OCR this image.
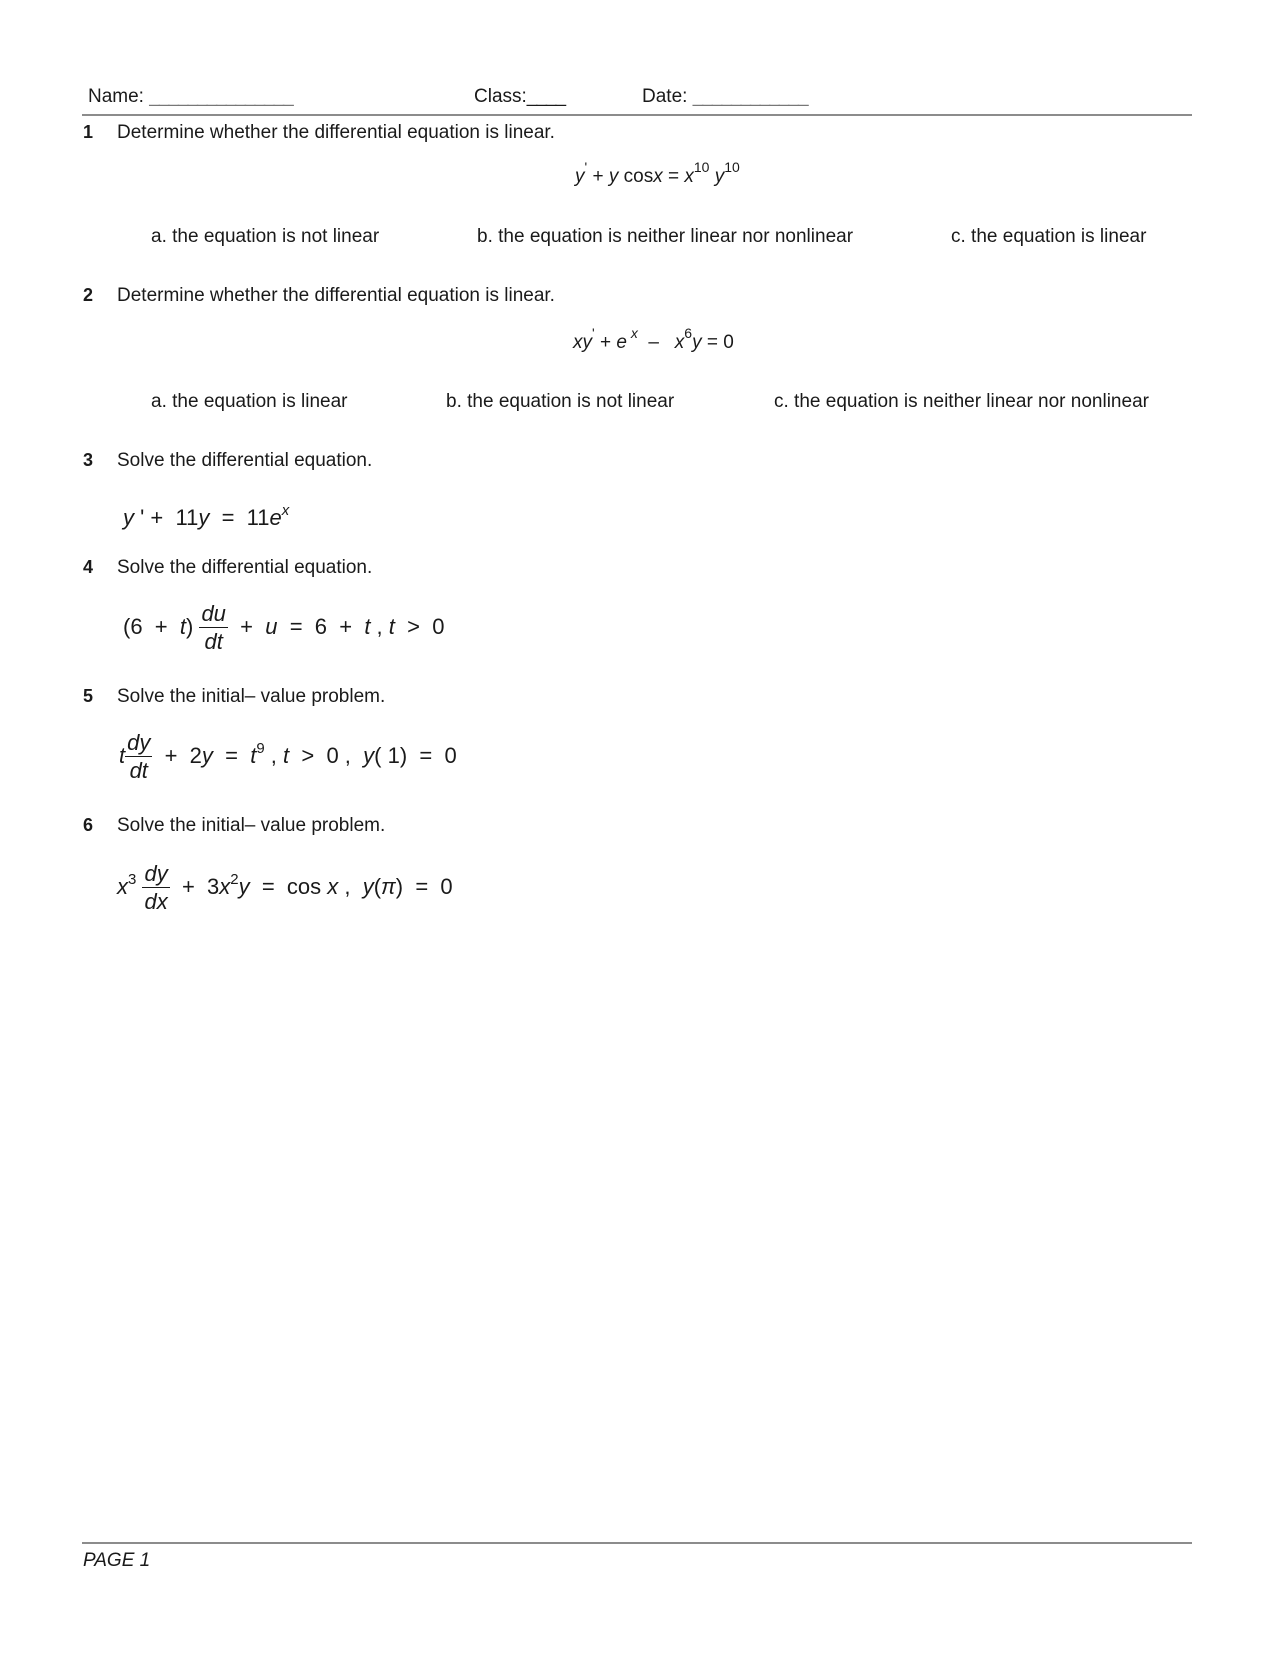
Name: _______________	Class:____	Date: ____________
1 Determine whether the differential equation is linear.
y' + y $\cos x = x^{10}$ $y^{10}$
a. the equation is not linear	b. the equation is neither linear nor nonlinear	c. the equation is linear
2 Determine whether the differential equation is linear.
xy' + e $^x - x^6y = 0$
a. the equation is linear	b. the equation is not linear	c. the equation is neither linear nor nonlinear
3 Solve the differential equation.
y ' +  $11y = 11e^x$
4 Solve the differential equation.
$(6 + t) \frac{du}{dt} + u = 6 + t$ , t  >  0
5 Solve the initial– value problem.
t $\frac{dy}{dt} + 2y = t^9$ , t  >  0 ,  y( 1)  =  0
6 Solve the initial– value problem.
$x^3 \frac{dy}{dx} + 3x^2y = \cos x$ ,  y(π)  =  0
PAGE 1
